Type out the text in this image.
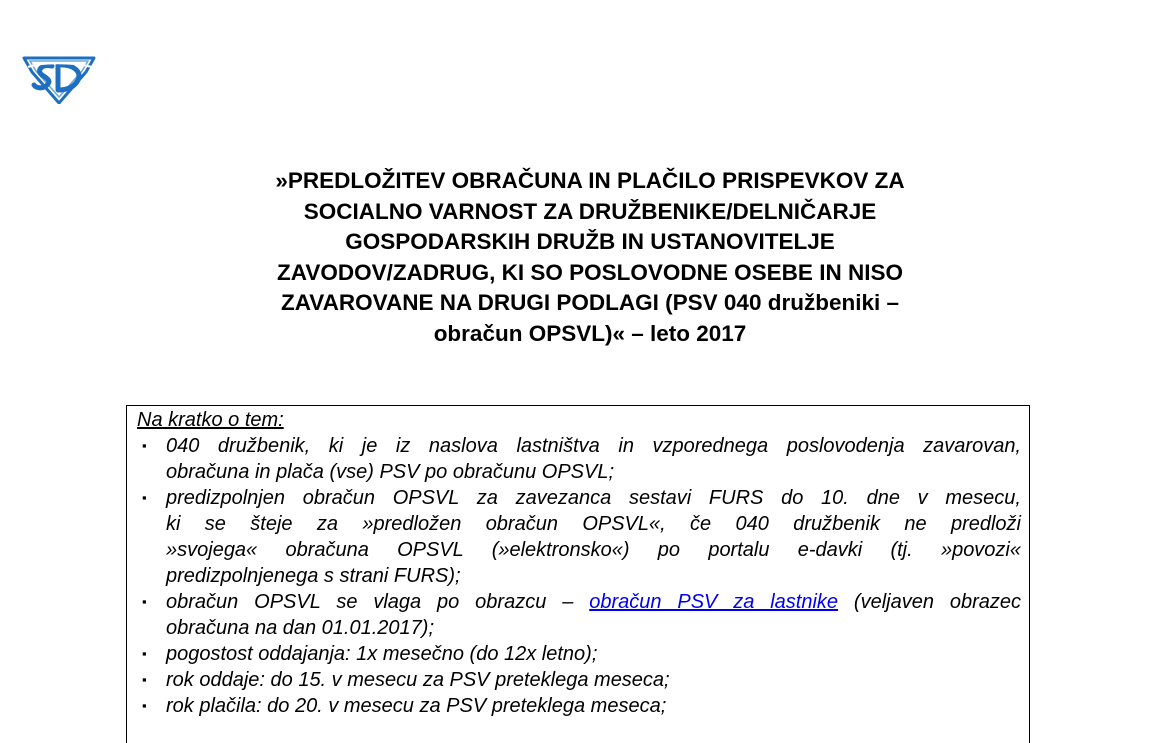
»PREDLOŽITEV OBRAČUNA IN PLAČILO PRISPEVKOV ZA
SOCIALNO VARNOST ZA DRUŽBENIKE/DELNIČARJE
GOSPODARSKIH DRUŽB IN USTANOVITELJE
ZAVODOV/ZADRUG, KI SO POSLOVODNE OSEBE IN NISO
ZAVAROVANE NA DRUGI PODLAGI (PSV 040 družbeniki –
obračun OPSVL)« – leto 2017
Na kratko o tem:
▪ 040 družbenik, ki je iz naslova lastništva in vzporednega poslovodenja zavarovan,
obračuna in plača (vse) PSV po obračunu OPSVL;
▪ predizpolnjen obračun OPSVL za zavezanca sestavi FURS do 10. dne v mesecu,
ki se šteje za »predložen obračun OPSVL«, če 040 družbenik ne predloži
»svojega« obračuna OPSVL (»elektronsko«) po portalu e-davki (tj. »povozi«
predizpolnjenega s strani FURS);
▪ obračun OPSVL se vlaga po obrazcu – obračun PSV za lastnike (veljaven obrazec
obračuna na dan 01.01.2017);
▪ pogostost oddajanja: 1x mesečno (do 12x letno);
▪ rok oddaje: do 15. v mesecu za PSV preteklega meseca;
▪ rok plačila: do 20. v mesecu za PSV preteklega meseca;
